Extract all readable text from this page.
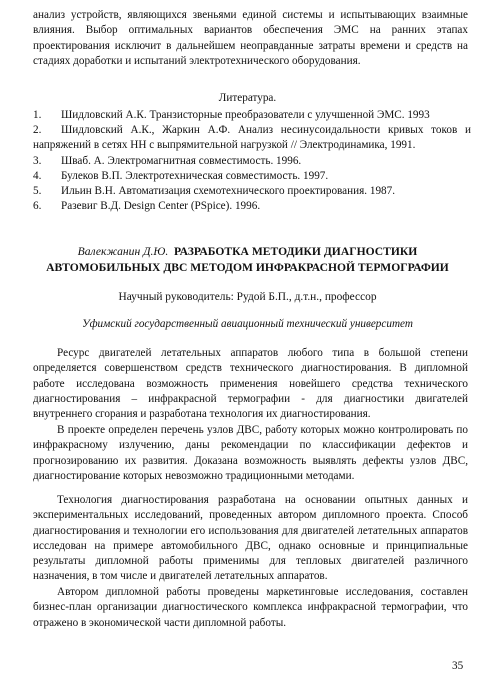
анализ устройств, являющихся звеньями единой системы и испытывающих взаимные влияния. Выбор оптимальных вариантов обеспечения ЭМС на ранних этапах проектирования исключит в дальнейшем неоправданные затраты времени и средств на стадиях доработки и испытаний электротехнического оборудования.

Литература.
1.	Шидловский А.К. Транзисторные преобразователи с улучшенной ЭМС. 1993
2. Шидловский А.К., Жаркин А.Ф. Анализ несинусоидальности кривых токов и напряжений в сетях НН с выпрямительной нагрузкой // Электродинамика, 1991.
3.	Шваб. А. Электромагнитная совместимость. 1996.
4.	Булеков В.П. Электротехническая совместимость. 1997.
5.	Ильин В.Н. Автоматизация схемотехнического проектирования. 1987.
6.	Разевиг В.Д. Design Center (PSpice). 1996.
Валекжанин Д.Ю. РАЗРАБОТКА МЕТОДИКИ ДИАГНОСТИКИ
АВТОМОБИЛЬНЫХ ДВС МЕТОДОМ ИНФРАКРАСНОЙ ТЕРМОГРАФИИ
Научный руководитель: Рудой Б.П., д.т.н., профессор
Уфимский государственный авиационный технический университет

Ресурс двигателей летательных аппаратов любого типа в большой степени определяется совершенством средств технического диагностирования. В дипломной работе исследована возможность применения новейшего средства технического диагностирования – инфракрасной термографии - для диагностики двигателей внутреннего сгорания и разработана технология их диагностирования.

В проекте определен перечень узлов ДВС, работу которых можно контролировать по инфракрасному излучению, даны рекомендации по классификации дефектов и прогнозированию их развития. Доказана возможность выявлять дефекты узлов ДВС, диагностирование которых невозможно традиционными методами.

Технология диагностирования разработана на основании опытных данных и экспериментальных исследований, проведенных автором дипломного проекта. Способ диагностирования и технологии его использования для двигателей летательных аппаратов исследован на примере автомобильного ДВС, однако основные и принципиальные результаты дипломной работы применимы для тепловых двигателей различного назначения, в том числе и двигателей летательных аппаратов.

Автором дипломной работы проведены маркетинговые исследования, составлен бизнес-план организации диагностического комплекса инфракрасной термографии, что отражено в экономической части дипломной работы.

35
